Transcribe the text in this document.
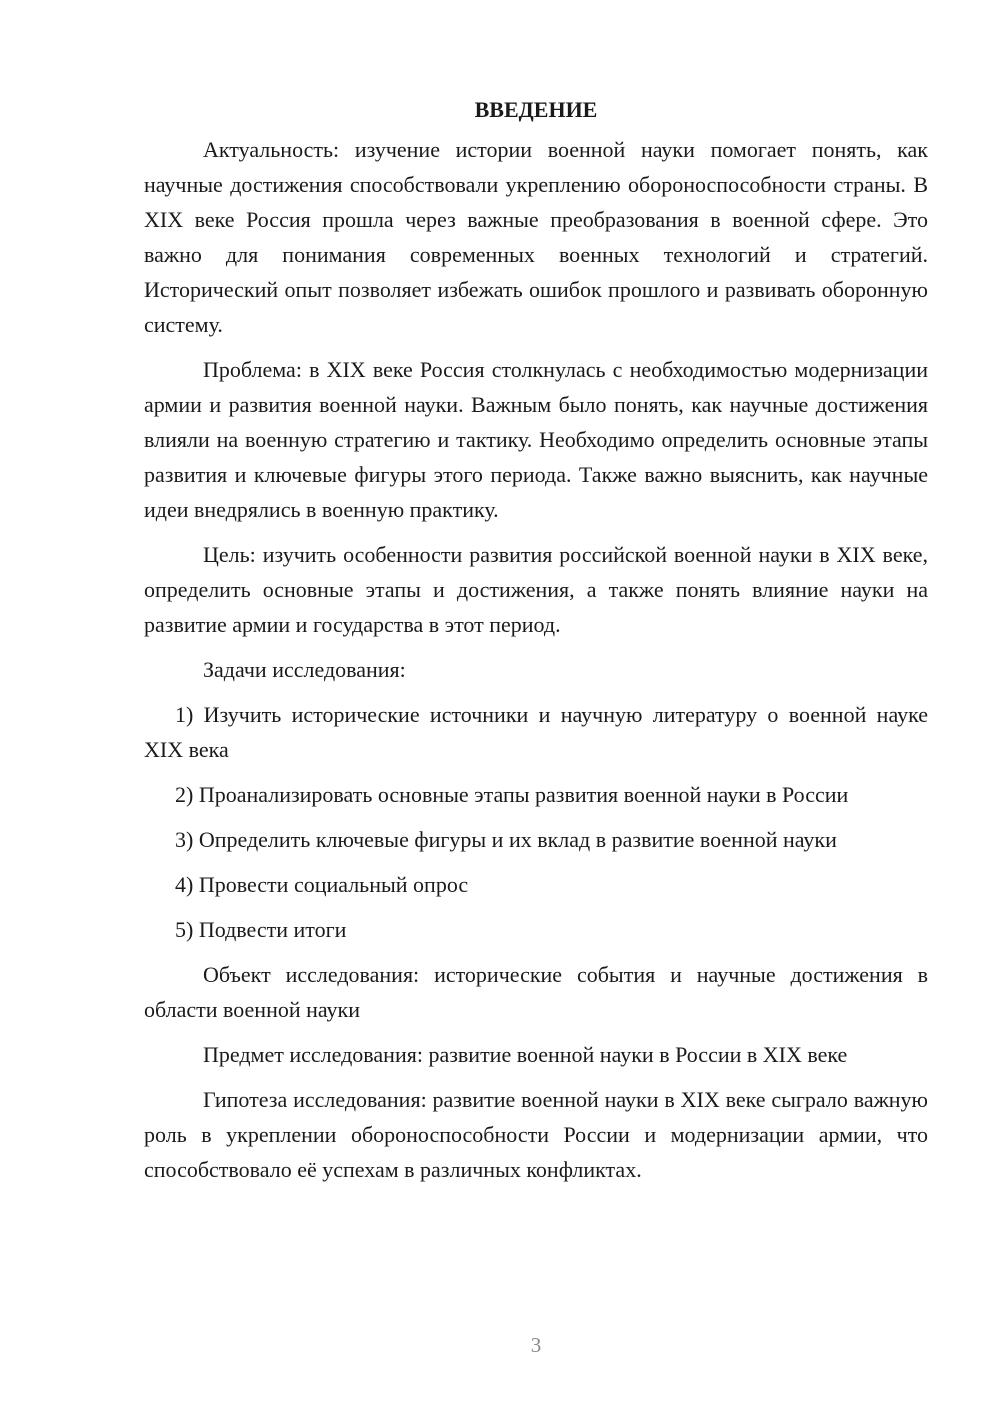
ВВЕДЕНИЕ

Актуальность: изучение истории военной науки помогает понять, как научные достижения способствовали укреплению обороноспособности страны. В XIX веке Россия прошла через важные преобразования в военной сфере. Это важно для понимания современных военных технологий и стратегий. Исторический опыт позволяет избежать ошибок прошлого и развивать оборонную систему.

Проблема: в XIX веке Россия столкнулась с необходимостью модернизации армии и развития военной науки. Важным было понять, как научные достижения влияли на военную стратегию и тактику. Необходимо определить основные этапы развития и ключевые фигуры этого периода. Также важно выяснить, как научные идеи внедрялись в военную практику.

Цель: изучить особенности развития российской военной науки в XIX веке, определить основные этапы и достижения, а также понять влияние науки на развитие армии и государства в этот период.

Задачи исследования:

1) Изучить исторические источники и научную литературу о военной науке XIX века

2) Проанализировать основные этапы развития военной науки в России

3) Определить ключевые фигуры и их вклад в развитие военной науки

4) Провести социальный опрос

5) Подвести итоги

Объект исследования: исторические события и научные достижения в области военной науки

Предмет исследования: развитие военной науки в России в XIX веке

Гипотеза исследования: развитие военной науки в XIX веке сыграло важную роль в укреплении обороноспособности России и модернизации армии, что способствовало её успехам в различных конфликтах.

3
